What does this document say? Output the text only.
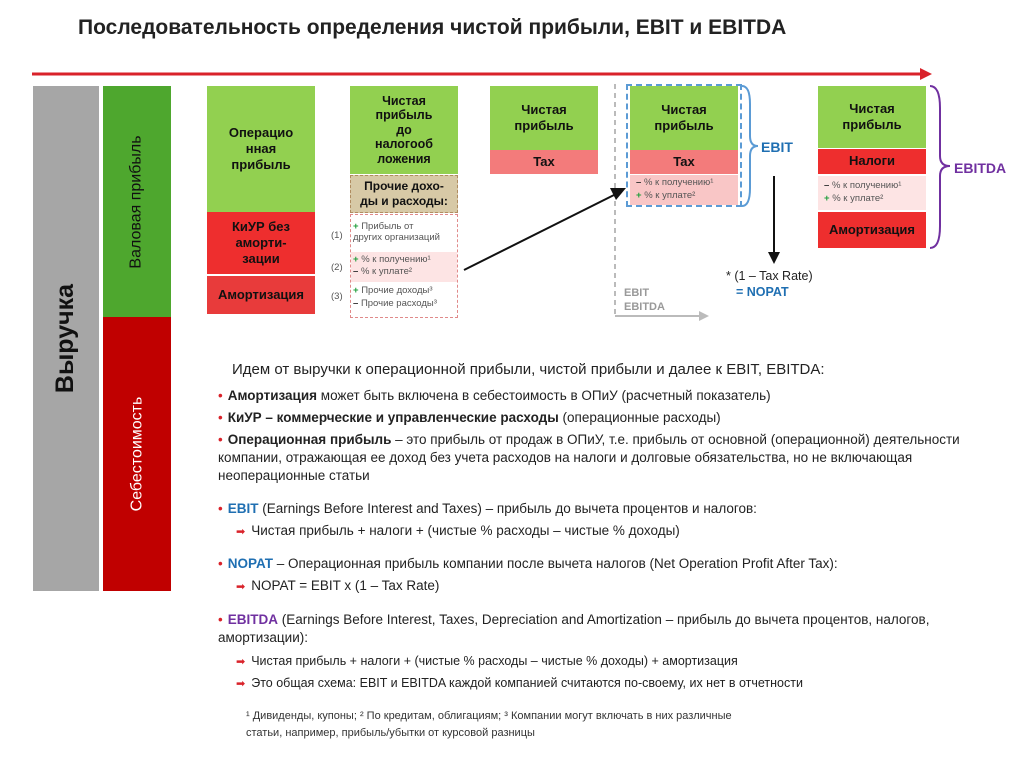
Последовательность определения чистой прибыли, EBIT и EBITDA
Выручка
Валовая прибыль
Себестоимость
Операцио
нная
прибыль
КиУР без
аморти-
зации
Амортизация
Чистая
прибыль
до
налогооб
ложения
Прочие дохо-
ды и расходы:
+ Прибыль от
других организаций
+ % к получению¹
– % к уплате²
+ Прочие доходы³
– Прочие расходы³
(1)
(2)
(3)
Чистая
прибыль
Tax
Чистая
прибыль
Tax
– % к получению¹
+ % к уплате²
EBIT
EBIT
EBITDA
* (1 – Tax Rate)
= NOPAT
Чистая
прибыль
Налоги
– % к получению¹
+ % к уплате²
Амортизация
EBITDA
Идем от выручки к операционной прибыли, чистой прибыли и далее к EBIT, EBITDA:
• Амортизация может быть включена в себестоимость в ОПиУ (расчетный показатель)
• КиУР – коммерческие и управленческие расходы (операционные расходы)
• Операционная прибыль – это прибыль от продаж в ОПиУ, т.е. прибыль от основной (операционной) деятельности компании, отражающая ее доход без учета расходов на налоги и долговые обязательства, но не включающая неоперационные статьи
• EBIT (Earnings Before Interest and Taxes) – прибыль до вычета процентов и налогов:
➡ Чистая прибыль + налоги + (чистые % расходы – чистые % доходы)
• NOPAT – Операционная прибыль компании после вычета налогов (Net Operation Profit After Tax):
➡ NOPAT = EBIT x (1 – Tax Rate)
• EBITDA (Earnings Before Interest, Taxes, Depreciation and Amortization – прибыль до вычета процентов, налогов, амортизации):
➡ Чистая прибыль + налоги + (чистые % расходы – чистые % доходы) + амортизация
➡ Это общая схема: EBIT и EBITDA каждой компанией считаются по-своему, их нет в отчетности
¹ Дивиденды, купоны; ² По кредитам, облигациям; ³ Компании могут включать в них различные статьи, например, прибыль/убытки от курсовой разницы
